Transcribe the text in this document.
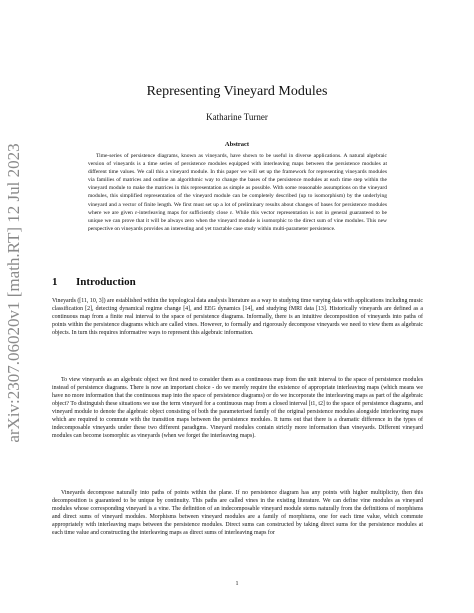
arXiv:2307.06020v1 [math.RT] 12 Jul 2023
Representing Vineyard Modules
Katharine Turner
Abstract
Time-series of persistence diagrams, known as vineyards, have shown to be useful in diverse applications. A natural algebraic version of vineyards is a time series of persistence modules equipped with interleaving maps between the persistence modules at different time values. We call this a vineyard module. In this paper we will set up the framework for representing vineyards modules via families of matrices and outline an algorithmic way to change the bases of the persistence modules at each time step within the vineyard module to make the matrices in this representation as simple as possible. With some reasonable assumptions on the vineyard modules, this simplified representation of the vineyard module can be completely described (up to isomorphism) by the underlying vineyard and a vector of finite length. We first must set up a lot of preliminary results about changes of bases for persistence modules where we are given ε-interleaving maps for sufficiently close ε. While this vector representation is not in general guaranteed to be unique we can prove that it will be always zero when the vineyard module is isomorphic to the direct sum of vine modules. This new perspective on vineyards provides an interesting and yet tractable case study within multi-parameter persistence.
1 Introduction
Vineyards ([11, 10, 3]) are established within the topological data analysis literature as a way to studying time varying data with applications including music classification [2], detecting dynamical regime change [4], and EEG dynamics [14], and studying fMRI data [13]. Historically vineyards are defined as a continuous map from a finite real interval to the space of persistence diagrams. Informally, there is an intuitive decomposition of vineyards into paths of points within the persistence diagrams which are called vines. However, to formally and rigorously decompose vineyards we need to view them as algebraic objects. In turn this requires informative ways to represent this algebraic information.
To view vineyards as an algebraic object we first need to consider them as a continuous map from the unit interval to the space of persistence modules instead of persistence diagrams. There is now an important choice - do we merely require the existence of appropriate interleaving maps (which means we have no more information that the continuous map into the space of persistence diagrams) or do we incorporate the interleaving maps as part of the algebraic object? To distinguish these situations we use the term vineyard for a continuous map from a closed interval [t1, t2] to the space of persistence diagrams, and vineyard module to denote the algebraic object consisting of both the parameterised family of the original persistence modules alongside interleaving maps which are required to commute with the transition maps between the persistence modules. It turns out that there is a dramatic difference in the types of indecomposable vineyards under these two different paradigms. Vineyard modules contain strictly more information than vineyards. Different vineyard modules can become isomorphic as vineyards (when we forget the interleaving maps).
Vineyards decompose naturally into paths of points within the plane. If no persistence diagram has any points with higher multiplicity, then this decomposition is guaranteed to be unique by continuity. This paths are called vines in the existing literature. We can define vine modules as vineyard modules whose corresponding vineyard is a vine. The definition of an indecomposable vineyard module stems naturally from the definitions of morphisms and direct sums of vineyard modules. Morphisms between vineyard modules are a family of morphisms, one for each time value, which commute appropriately with interleaving maps between the persistence modules. Direct sums can constructed by taking direct sums for the persistence modules at each time value and constructing the interleaving maps as direct sums of interleaving maps for
1
